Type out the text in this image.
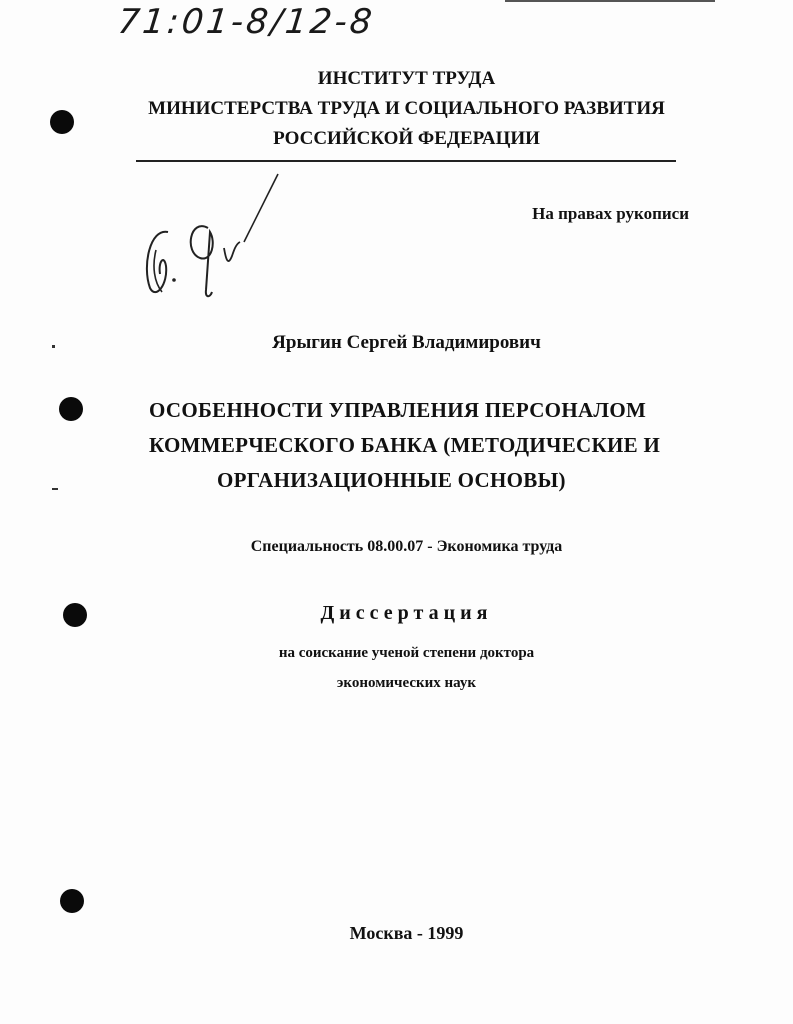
71:01-8/12-8
ИНСТИТУТ ТРУДА
МИНИСТЕРСТВА ТРУДА И СОЦИАЛЬНОГО РАЗВИТИЯ
РОССИЙСКОЙ ФЕДЕРАЦИИ
На правах рукописи
Ярыгин Сергей Владимирович
ОСОБЕННОСТИ УПРАВЛЕНИЯ ПЕРСОНАЛОМ
КОММЕРЧЕСКОГО БАНКА (МЕТОДИЧЕСКИЕ И
ОРГАНИЗАЦИОННЫЕ ОСНОВЫ)
Специальность 08.00.07 - Экономика труда
Диссертация
на соискание ученой степени доктора
экономических наук
Москва - 1999
